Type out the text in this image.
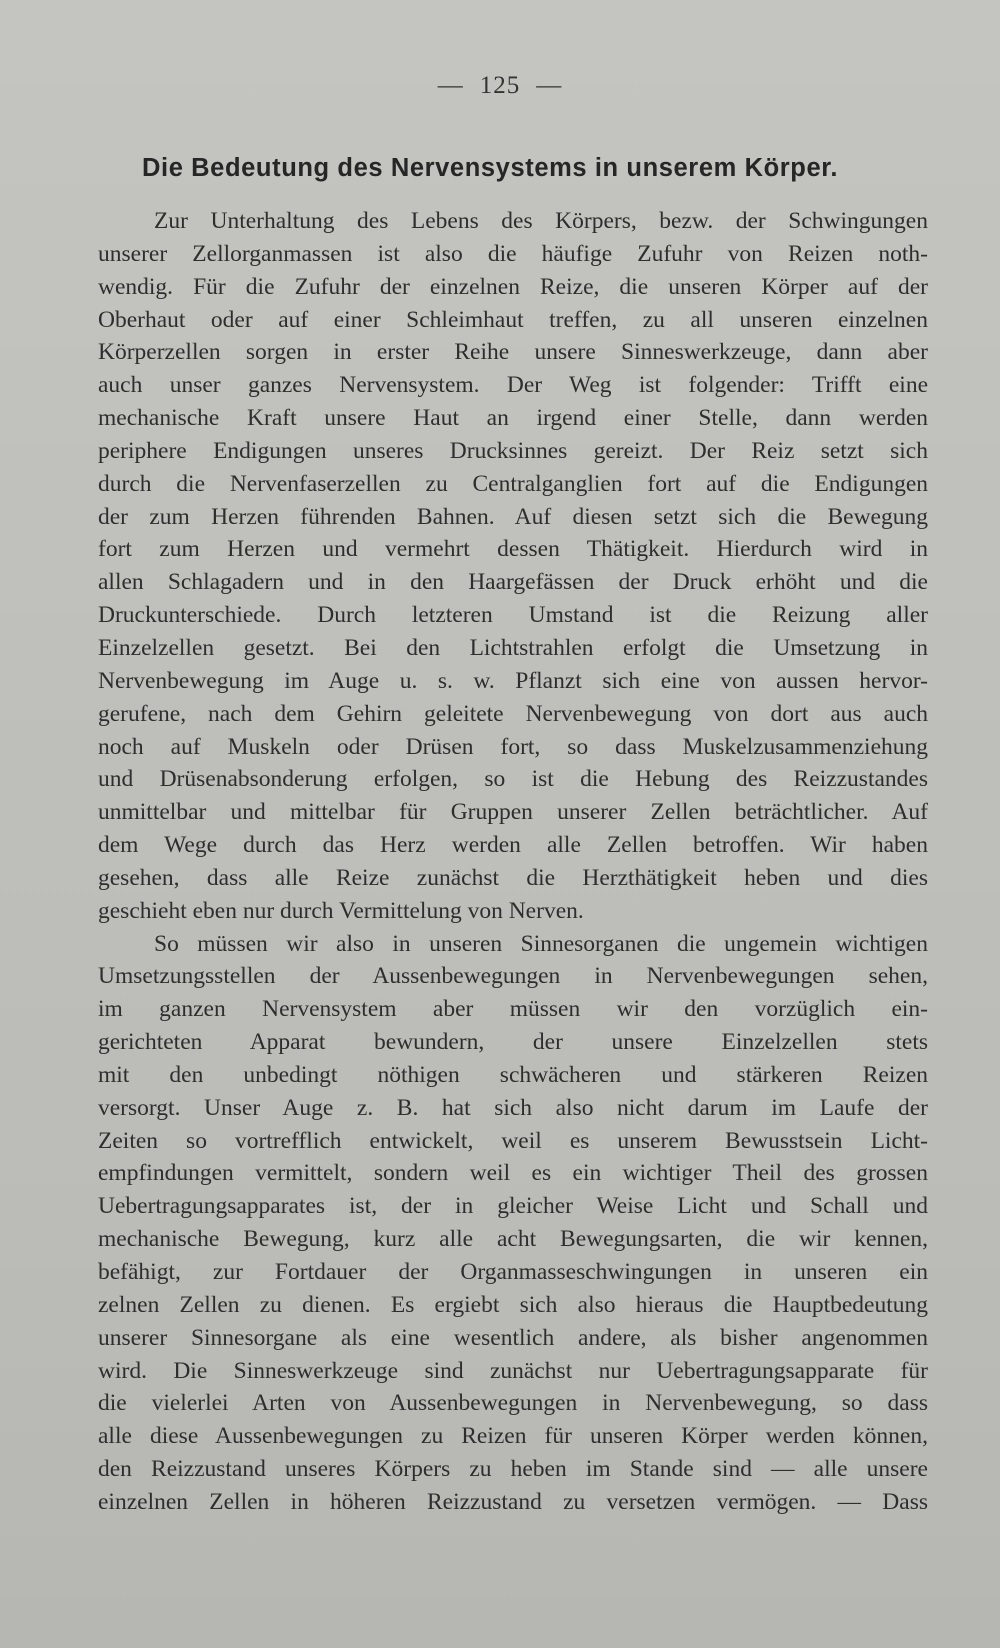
— 125 —
Die Bedeutung des Nervensystems in unserem Körper.
Zur Unterhaltung des Lebens des Körpers, bezw. der Schwingungen
unserer Zellorganmassen ist also die häufige Zufuhr von Reizen noth-
wendig. Für die Zufuhr der einzelnen Reize, die unseren Körper auf der
Oberhaut oder auf einer Schleimhaut treffen, zu all unseren einzelnen
Körperzellen sorgen in erster Reihe unsere Sinneswerkzeuge, dann aber
auch unser ganzes Nervensystem. Der Weg ist folgender: Trifft eine
mechanische Kraft unsere Haut an irgend einer Stelle, dann werden
periphere Endigungen unseres Drucksinnes gereizt. Der Reiz setzt sich
durch die Nervenfaserzellen zu Centralganglien fort auf die Endigungen
der zum Herzen führenden Bahnen. Auf diesen setzt sich die Bewegung
fort zum Herzen und vermehrt dessen Thätigkeit. Hierdurch wird in
allen Schlagadern und in den Haargefässen der Druck erhöht und die
Druckunterschiede. Durch letzteren Umstand ist die Reizung aller
Einzelzellen gesetzt. Bei den Lichtstrahlen erfolgt die Umsetzung in
Nervenbewegung im Auge u. s. w. Pflanzt sich eine von aussen hervor-
gerufene, nach dem Gehirn geleitete Nervenbewegung von dort aus auch
noch auf Muskeln oder Drüsen fort, so dass Muskelzusammenziehung
und Drüsenabsonderung erfolgen, so ist die Hebung des Reizzustandes
unmittelbar und mittelbar für Gruppen unserer Zellen beträchtlicher. Auf
dem Wege durch das Herz werden alle Zellen betroffen. Wir haben
gesehen, dass alle Reize zunächst die Herzthätigkeit heben und dies
geschieht eben nur durch Vermittelung von Nerven.
So müssen wir also in unseren Sinnesorganen die ungemein wichtigen
Umsetzungsstellen der Aussenbewegungen in Nervenbewegungen sehen,
im ganzen Nervensystem aber müssen wir den vorzüglich ein-
gerichteten Apparat bewundern, der unsere Einzelzellen stets
mit den unbedingt nöthigen schwächeren und stärkeren Reizen
versorgt. Unser Auge z. B. hat sich also nicht darum im Laufe der
Zeiten so vortrefflich entwickelt, weil es unserem Bewusstsein Licht-
empfindungen vermittelt, sondern weil es ein wichtiger Theil des grossen
Uebertragungsapparates ist, der in gleicher Weise Licht und Schall und
mechanische Bewegung, kurz alle acht Bewegungsarten, die wir kennen,
befähigt, zur Fortdauer der Organmasseschwingungen in unseren ein
zelnen Zellen zu dienen. Es ergiebt sich also hieraus die Hauptbedeutung
unserer Sinnesorgane als eine wesentlich andere, als bisher angenommen
wird. Die Sinneswerkzeuge sind zunächst nur Uebertragungsapparate für
die vielerlei Arten von Aussenbewegungen in Nervenbewegung, so dass
alle diese Aussenbewegungen zu Reizen für unseren Körper werden können,
den Reizzustand unseres Körpers zu heben im Stande sind — alle unsere
einzelnen Zellen in höheren Reizzustand zu versetzen vermögen. — Dass
